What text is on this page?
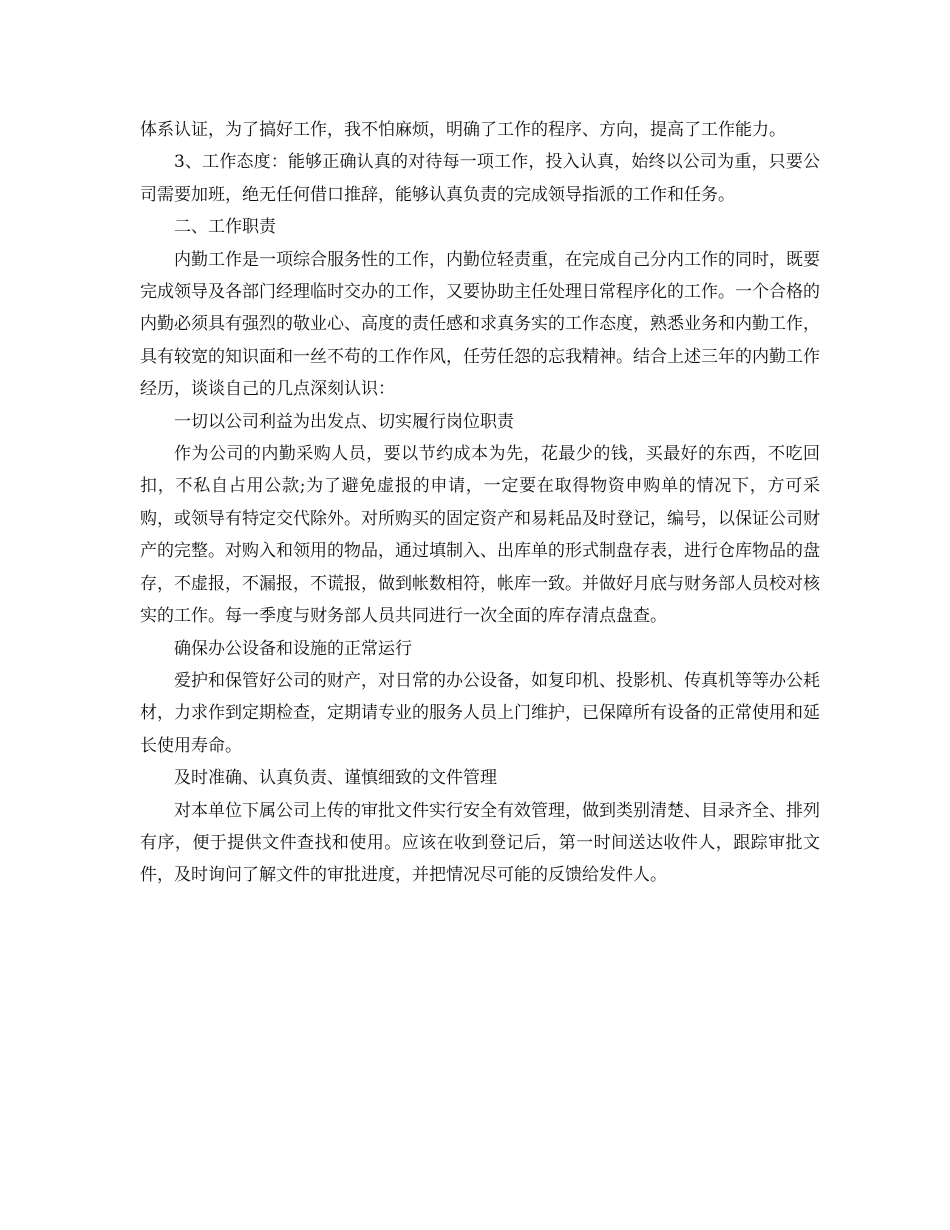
体系认证，为了搞好工作，我不怕麻烦，明确了工作的程序、方向，提高了工作能力。

3、工作态度：能够正确认真的对待每一项工作，投入认真，始终以公司为重，只要公司需要加班，绝无任何借口推辞，能够认真负责的完成领导指派的工作和任务。

二、工作职责

内勤工作是一项综合服务性的工作，内勤位轻责重，在完成自己分内工作的同时，既要完成领导及各部门经理临时交办的工作，又要协助主任处理日常程序化的工作。一个合格的内勤必须具有强烈的敬业心、高度的责任感和求真务实的工作态度，熟悉业务和内勤工作，具有较宽的知识面和一丝不苟的工作作风，任劳任怨的忘我精神。结合上述三年的内勤工作经历，谈谈自己的几点深刻认识：

一切以公司利益为出发点、切实履行岗位职责

作为公司的内勤采购人员，要以节约成本为先，花最少的钱，买最好的东西，不吃回扣，不私自占用公款;为了避免虚报的申请，一定要在取得物资申购单的情况下，方可采购，或领导有特定交代除外。对所购买的固定资产和易耗品及时登记，编号，以保证公司财产的完整。对购入和领用的物品，通过填制入、出库单的形式制盘存表，进行仓库物品的盘存，不虚报，不漏报，不谎报，做到帐数相符，帐库一致。并做好月底与财务部人员校对核实的工作。每一季度与财务部人员共同进行一次全面的库存清点盘查。

确保办公设备和设施的正常运行

爱护和保管好公司的财产，对日常的办公设备，如复印机、投影机、传真机等等办公耗材，力求作到定期检查，定期请专业的服务人员上门维护，已保障所有设备的正常使用和延长使用寿命。

及时准确、认真负责、谨慎细致的文件管理

对本单位下属公司上传的审批文件实行安全有效管理，做到类别清楚、目录齐全、排列有序，便于提供文件查找和使用。应该在收到登记后，第一时间送达收件人，跟踪审批文件，及时询问了解文件的审批进度，并把情况尽可能的反馈给发件人。
